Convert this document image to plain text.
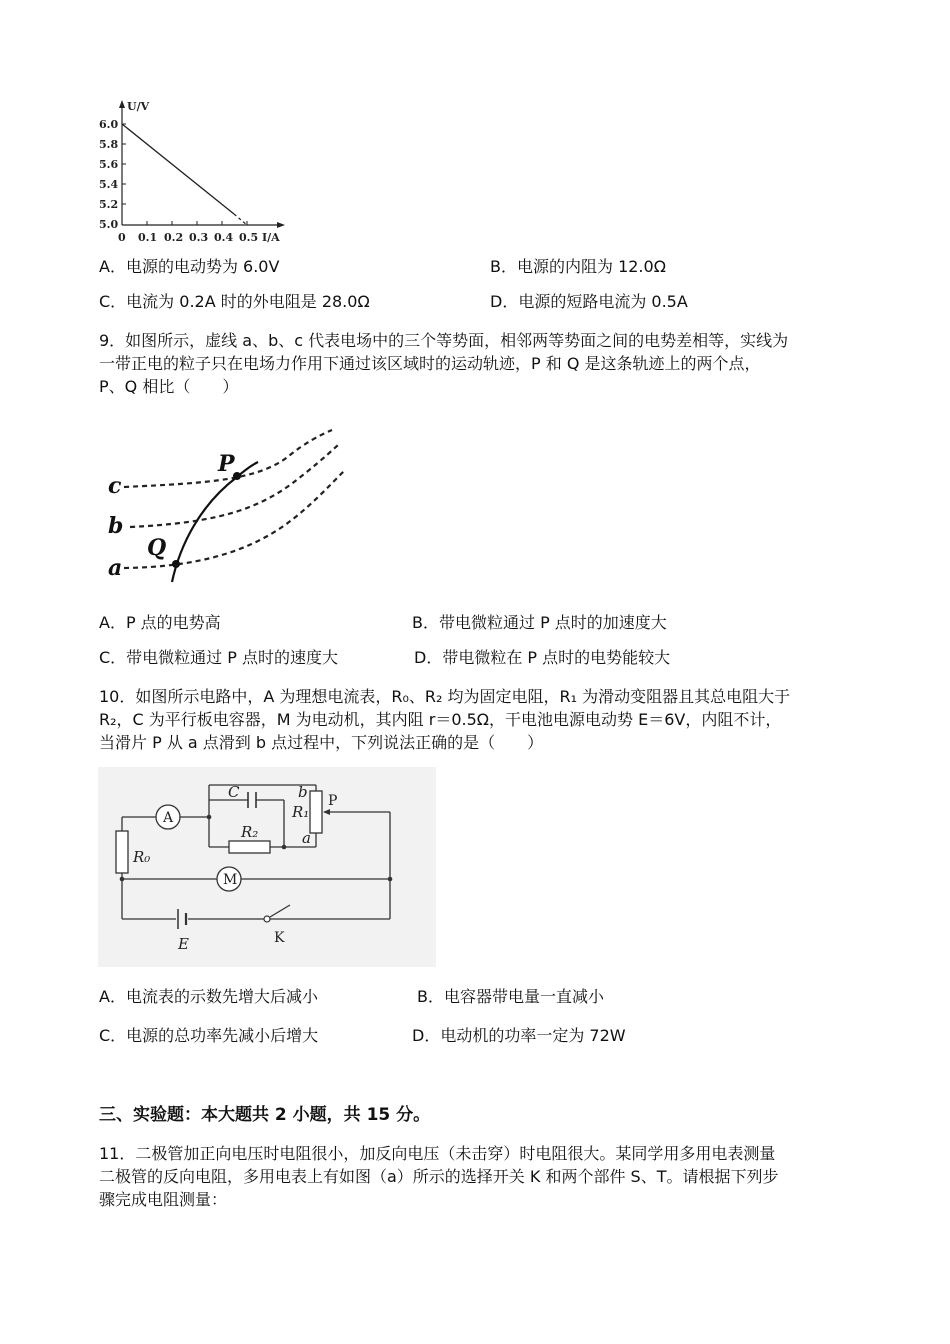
U/V
6.0
5.8
5.6
5.4
5.2
5.0
0 0.1 0.2 0.3 0.4 0.5 I/A
A．电源的电动势为 6.0V	B．电源的内阻为 12.0Ω
C．电流为 0.2A 时的外电阻是 28.0Ω	D．电源的短路电流为 0.5A
9．如图所示，虚线 a、b、c 代表电场中的三个等势面，相邻两等势面之间的电势差相等，实线为
一带正电的粒子只在电场力作用下通过该区域时的运动轨迹，P 和 Q 是这条轨迹上的两个点，
P、Q 相比（　　）
c
b
a
P
Q
A．P 点的电势高	B．带电微粒通过 P 点时的加速度大
C．带电微粒通过 P 点时的速度大	D．带电微粒在 P 点时的电势能较大
10．如图所示电路中，A 为理想电流表，R₀、R₂ 均为固定电阻，R₁ 为滑动变阻器且其总电阻大于
R₂，C 为平行板电容器，M 为电动机，其内阻 r＝0.5Ω，干电池电源电动势 E＝6V，内阻不计，
当滑片 P 从 a 点滑到 b 点过程中，下列说法正确的是（　　）
A
M
K
P
C
R₂
R₁
R₀
E
b
a
A．电流表的示数先增大后减小	B．电容器带电量一直减小
C．电源的总功率先减小后增大	D．电动机的功率一定为 72W
三、实验题：本大题共 2 小题，共 15 分。
11．二极管加正向电压时电阻很小，加反向电压（未击穿）时电阻很大。某同学用多用电表测量
二极管的反向电阻，多用电表上有如图（a）所示的选择开关 K 和两个部件 S、T。请根据下列步
骤完成电阻测量：
